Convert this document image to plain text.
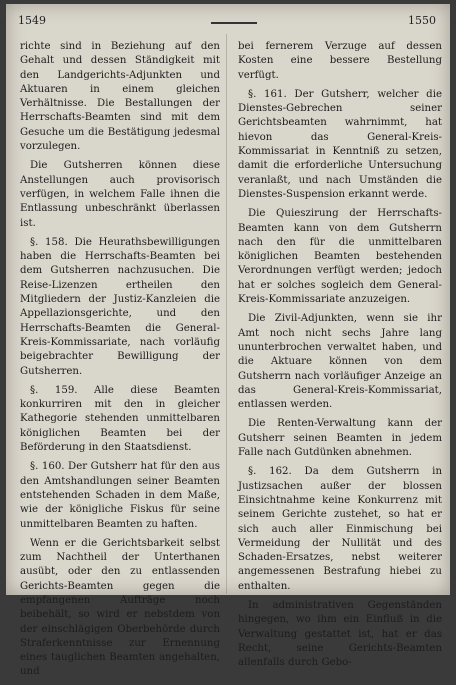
1549	1550

richte sind in Beziehung auf den Gehalt und dessen Ständigkeit mit den Landgerichts-Adjunkten und Aktuaren in einem gleichen Verhältnisse. Die Bestallungen der Herrschafts-Beamten sind mit dem Gesuche um die Bestätigung jedesmal vorzulegen.

Die Gutsherren können diese Anstellungen auch provisorisch verfügen, in welchem Falle ihnen die Entlassung unbeschränkt überlassen ist.

§. 158. Die Heurathsbewilligungen haben die Herrschafts-Beamten bei dem Gutsherren nachzusuchen. Die Reise-Lizenzen ertheilen den Mitgliedern der Justiz-Kanzleien die Appellazionsgerichte, und den Herrschafts-Beamten die General-Kreis-Kommissariate, nach vorläufig beigebrachter Bewilligung der Gutsherren.

§. 159. Alle diese Beamten konkurriren mit den in gleicher Kathegorie stehenden unmittelbaren königlichen Beamten bei der Beförderung in den Staatsdienst.

§. 160. Der Gutsherr hat für den aus den Amtshandlungen seiner Beamten entstehenden Schaden in dem Maße, wie der königliche Fiskus für seine unmittelbaren Beamten zu haften.

Wenn er die Gerichtsbarkeit selbst zum Nachtheil der Unterthanen ausübt, oder den zu entlassenden Gerichts-Beamten gegen die empfangenen Aufträge noch beibehält, so wird er nebstdem von der einschlägigen Oberbehörde durch Straferkenntnisse zur Ernennung eines tauglichen Beamten angehalten, und

bei fernerem Verzuge auf dessen Kosten eine bessere Bestellung verfügt.

§. 161. Der Gutsherr, welcher die Dienstes-Gebrechen seiner Gerichtsbeamten wahrnimmt, hat hievon das General-Kreis-Kommissariat in Kenntniß zu setzen, damit die erforderliche Untersuchung veranlaßt, und nach Umständen die Dienstes-Suspension erkannt werde.

Die Quieszirung der Herrschafts-Beamten kann von dem Gutsherrn nach den für die unmittelbaren königlichen Beamten bestehenden Verordnungen verfügt werden; jedoch hat er solches sogleich dem General-Kreis-Kommissariate anzuzeigen.

Die Zivil-Adjunkten, wenn sie ihr Amt noch nicht sechs Jahre lang ununterbrochen verwaltet haben, und die Aktuare können von dem Gutsherrn nach vorläufiger Anzeige an das General-Kreis-Kommissariat, entlassen werden.

Die Renten-Verwaltung kann der Gutsherr seinen Beamten in jedem Falle nach Gutdünken abnehmen.

§. 162. Da dem Gutsherrn in Justizsachen außer der blossen Einsichtnahme keine Konkurrenz mit seinem Gerichte zustehet, so hat er sich auch aller Einmischung bei Vermeidung der Nullität und des Schaden-Ersatzes, nebst weiterer angemessenen Bestrafung hiebei zu enthalten.

In administrativen Gegenständen hingegen, wo ihm ein Einfluß in die Verwaltung gestattet ist, hat er das Recht, seine Gerichts-Beamten allenfalls durch Gebo-
